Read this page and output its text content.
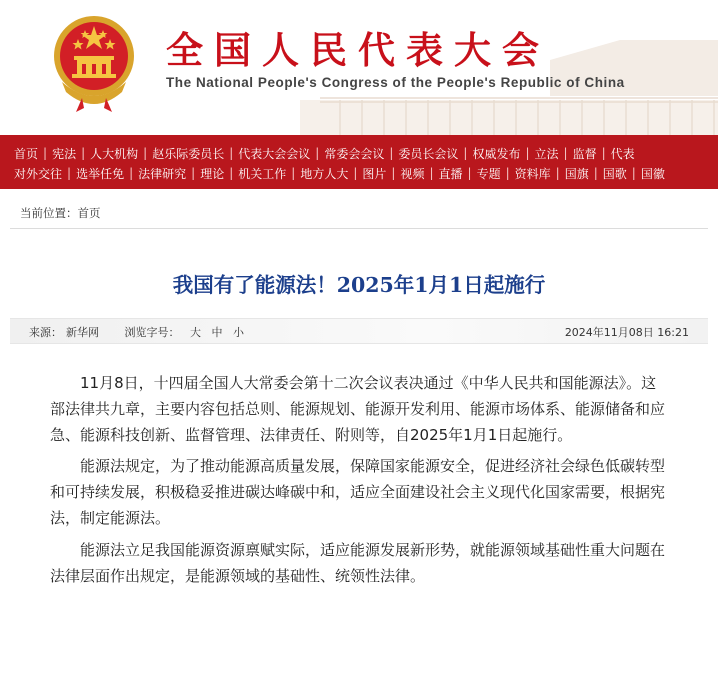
全国人民代表大会
The National People's Congress of the People's Republic of China
首页 | 宪法 | 人大机构 | 赵乐际委员长 | 代表大会会议 | 常委会会议 | 委员长会议 | 权威发布 | 立法 | 监督 | 代表
对外交往 | 选举任免 | 法律研究 | 理论 | 机关工作 | 地方人大 | 图片 | 视频 | 直播 | 专题 | 资料库 | 国旗 | 国歌 | 国徽
当前位置：首页
我国有了能源法！2025年1月1日起施行
来源： 新华网 浏览字号： 大 中 小	2024年11月08日 16:21

11月8日，十四届全国人大常委会第十二次会议表决通过《中华人民共和国能源法》。这部法律共九章，主要内容包括总则、能源规划、能源开发利用、能源市场体系、能源储备和应急、能源科技创新、监督管理、法律责任、附则等，自2025年1月1日起施行。

能源法规定，为了推动能源高质量发展，保障国家能源安全，促进经济社会绿色低碳转型和可持续发展，积极稳妥推进碳达峰碳中和，适应全面建设社会主义现代化国家需要，根据宪法，制定能源法。

能源法立足我国能源资源禀赋实际，适应能源发展新形势，就能源领域基础性重大问题在法律层面作出规定，是能源领域的基础性、统领性法律。
